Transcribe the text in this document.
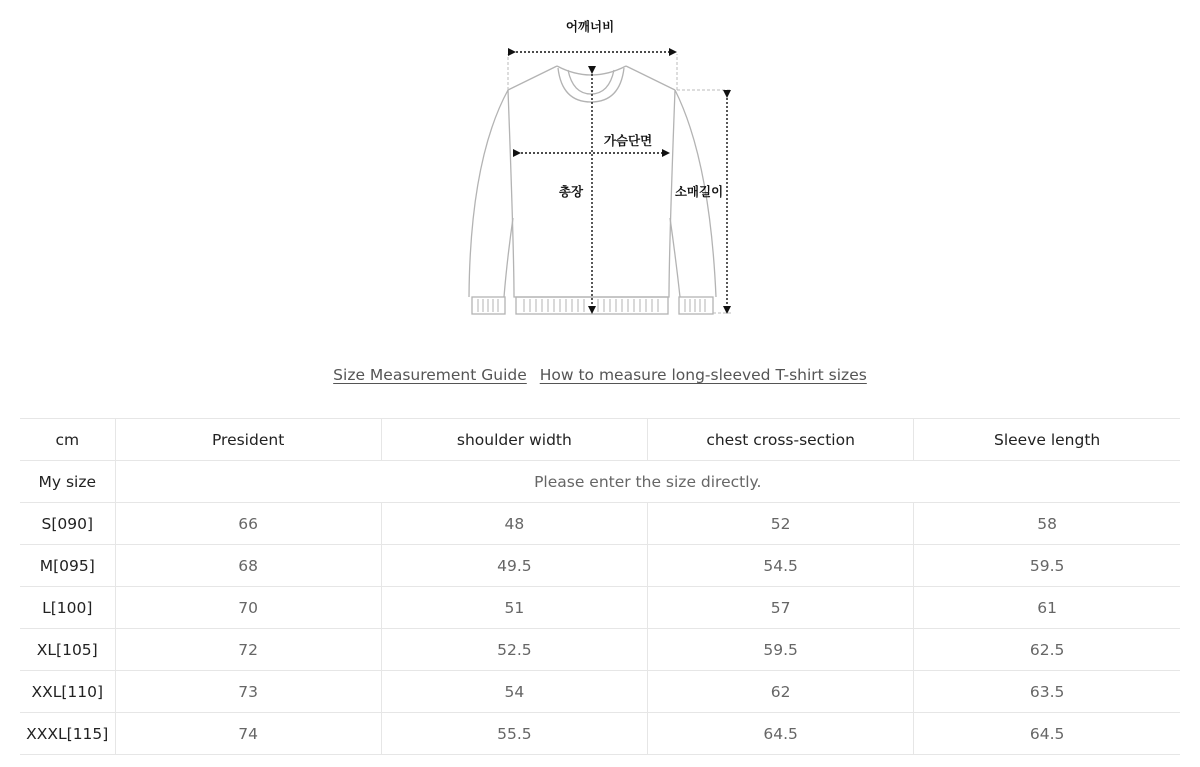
어깨너비
가슴단면
총장	소매길이
Size Measurement Guide How to measure long-sleeved T-shirt sizes
cm	President	shoulder width	chest cross-section	Sleeve length
My size	Please enter the size directly.			
S[090]	66	48	52	58
M[095]	68	49.5	54.5	59.5
L[100]	70	51	57	61
XL[105]	72	52.5	59.5	62.5
XXL[110]	73	54	62	63.5
XXXL[115]	74	55.5	64.5	64.5
